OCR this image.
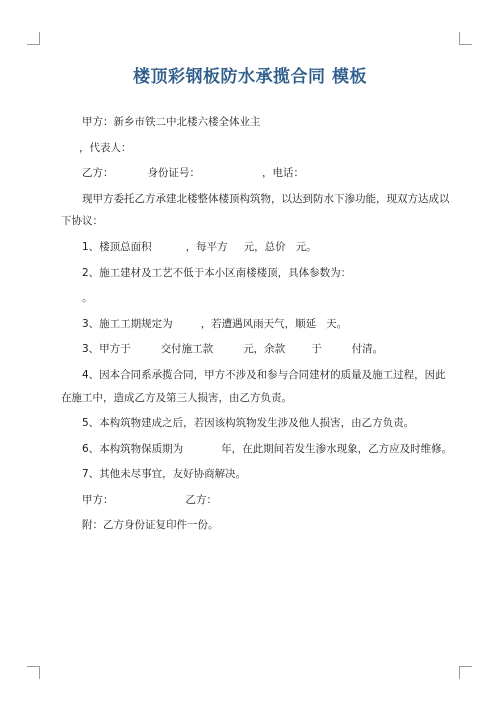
楼顶彩钢板防水承揽合同 模板
甲方：新乡市铁二中北楼六楼全体业主
，代表人：
乙方：	身份证号：	，电话：
现甲方委托乙方承建北楼整体楼顶构筑物，以达到防水下渗功能，现双方达成以
下协议：
1、楼顶总面积	，每平方 元，总价 元。
2、施工建材及工艺不低于本小区南楼楼顶，具体参数为：
。
3、施工工期规定为	，若遭遇风雨天气，顺延 天。
3、甲方于	交付施工款	元，余款 于	付清。
4、因本合同系承揽合同，甲方不涉及和参与合同建材的质量及施工过程，因此
在施工中，造成乙方及第三人损害，由乙方负责。
5、本构筑物建成之后，若因该构筑物发生涉及他人损害，由乙方负责。
6、本构筑物保质期为	年，在此期间若发生渗水现象，乙方应及时维修。
7、其他未尽事宜，友好协商解决。
甲方：	乙方：
附：乙方身份证复印件一份。
